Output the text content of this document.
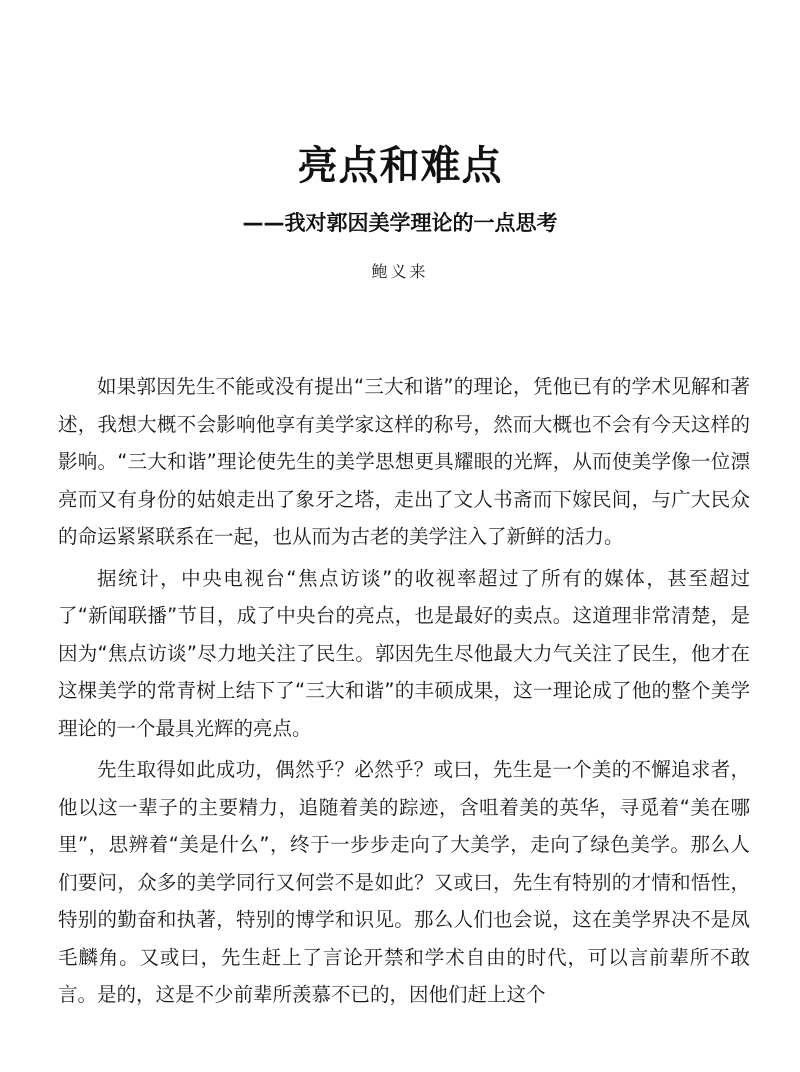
亮点和难点
——我对郭因美学理论的一点思考
鲍义来

如果郭因先生不能或没有提出“三大和谐”的理论，凭他已有的学术见解和著述，我想大概不会影响他享有美学家这样的称号，然而大概也不会有今天这样的影响。“三大和谐”理论使先生的美学思想更具耀眼的光辉，从而使美学像一位漂亮而又有身份的姑娘走出了象牙之塔，走出了文人书斋而下嫁民间，与广大民众的命运紧紧联系在一起，也从而为古老的美学注入了新鲜的活力。

据统计，中央电视台“焦点访谈”的收视率超过了所有的媒体，甚至超过了“新闻联播”节目，成了中央台的亮点，也是最好的卖点。这道理非常清楚，是因为“焦点访谈”尽力地关注了民生。郭因先生尽他最大力气关注了民生，他才在这棵美学的常青树上结下了“三大和谐”的丰硕成果，这一理论成了他的整个美学理论的一个最具光辉的亮点。

先生取得如此成功，偶然乎？必然乎？或曰，先生是一个美的不懈追求者，他以这一辈子的主要精力，追随着美的踪迹，含咀着美的英华，寻觅着“美在哪里”，思辨着“美是什么”，终于一步步走向了大美学，走向了绿色美学。那么人们要问，众多的美学同行又何尝不是如此？又或曰，先生有特别的才情和悟性，特别的勤奋和执著，特别的博学和识见。那么人们也会说，这在美学界决不是凤毛麟角。又或曰，先生赶上了言论开禁和学术自由的时代，可以言前辈所不敢言。是的，这是不少前辈所羡慕不已的，因他们赶上这个
